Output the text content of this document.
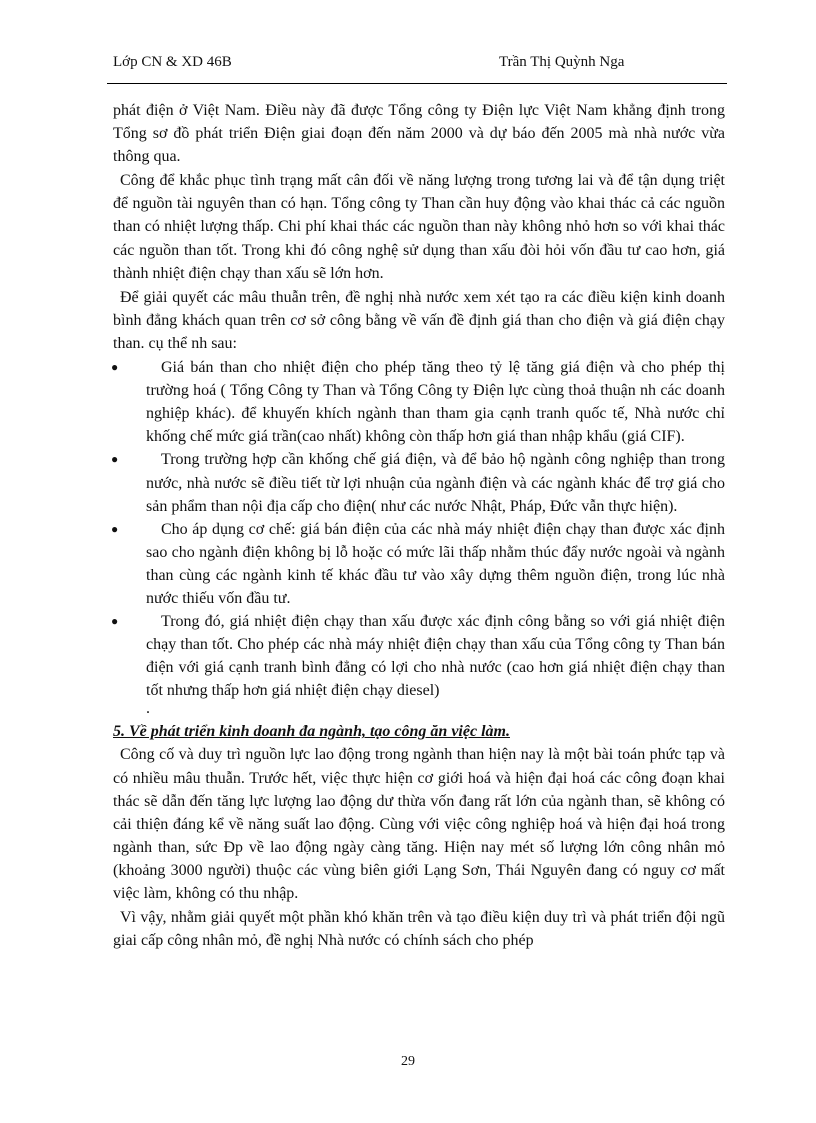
Lớp CN & XD 46B	Trần Thị Quỳnh Nga

phát điện ở Việt Nam. Điều này đã được Tổng công ty Điện lực Việt Nam khẳng định trong Tổng sơ đồ phát triển Điện giai đoạn đến năm 2000 và dự báo đến 2005 mà nhà nước vừa thông qua.

Công để khắc phục tình trạng mất cân đối về năng lượng trong tương lai và để tận dụng triệt để nguồn tài nguyên than có hạn. Tổng công ty Than cần huy động vào khai thác cả các nguồn than có nhiệt lượng thấp. Chi phí khai thác các nguồn than này không nhỏ hơn so với khai thác các nguồn than tốt. Trong khi đó công nghệ sử dụng than xấu đòi hỏi vốn đầu tư cao hơn, giá thành nhiệt điện chạy than xấu sẽ lớn hơn.

Để giải quyết các mâu thuẫn trên, đề nghị nhà nước xem xét tạo ra các điều kiện kinh doanh bình đẳng khách quan trên cơ sở công bằng về vấn đề định giá than cho điện và giá điện chạy than. cụ thể nh sau:

●	Giá bán than cho nhiệt điện cho phép tăng theo tỷ lệ tăng giá điện và cho phép thị trường hoá ( Tổng Công ty Than và Tổng Công ty Điện lực cùng thoả thuận nh các doanh nghiệp khác). để khuyến khích ngành than tham gia cạnh tranh quốc tế, Nhà nước chỉ khống chế mức giá trần(cao nhất) không còn thấp hơn giá than nhập khẩu (giá CIF).
●	Trong trường hợp cần khống chế giá điện, và để bảo hộ ngành công nghiệp than trong nước, nhà nước sẽ điều tiết từ lợi nhuận của ngành điện và các ngành khác để trợ giá cho sản phẩm than nội địa cấp cho điện( như các nước Nhật, Pháp, Đức vẫn thực hiện).
●	Cho áp dụng cơ chế: giá bán điện của các nhà máy nhiệt điện chạy than được xác định sao cho ngành điện không bị lỗ hoặc có mức lãi thấp nhằm thúc đẩy nước ngoài và ngành than cùng các ngành kinh tế khác đầu tư vào xây dựng thêm nguồn điện, trong lúc nhà nước thiếu vốn đầu tư.
●	Trong đó, giá nhiệt điện chạy than xấu được xác định công bằng so với giá nhiệt điện chạy than tốt. Cho phép các nhà máy nhiệt điện chạy than xấu của Tổng công ty Than bán điện với giá cạnh tranh bình đẳng có lợi cho nhà nước (cao hơn giá nhiệt điện chạy than tốt nhưng thấp hơn giá nhiệt điện chạy diesel)
.
5. Về phát triển kinh doanh đa ngành, tạo công ăn việc làm.

Công cố và duy trì nguồn lực lao động trong ngành than hiện nay là một bài toán phức tạp và có nhiều mâu thuẫn. Trước hết, việc thực hiện cơ giới hoá và hiện đại hoá các công đoạn khai thác sẽ dẫn đến tăng lực lượng lao động dư thừa vốn đang rất lớn của ngành than, sẽ không có cải thiện đáng kể về năng suất lao động. Cùng với việc công nghiệp hoá và hiện đại hoá trong ngành than, sức Đp về lao động ngày càng tăng. Hiện nay mét số lượng lớn công nhân mỏ (khoảng 3000 người) thuộc các vùng biên giới Lạng Sơn, Thái Nguyên đang có nguy cơ mất việc làm, không có thu nhập.

Vì vậy, nhằm giải quyết một phần khó khăn trên và tạo điều kiện duy trì và phát triển đội ngũ giai cấp công nhân mỏ, đề nghị Nhà nước có chính sách cho phép

29
